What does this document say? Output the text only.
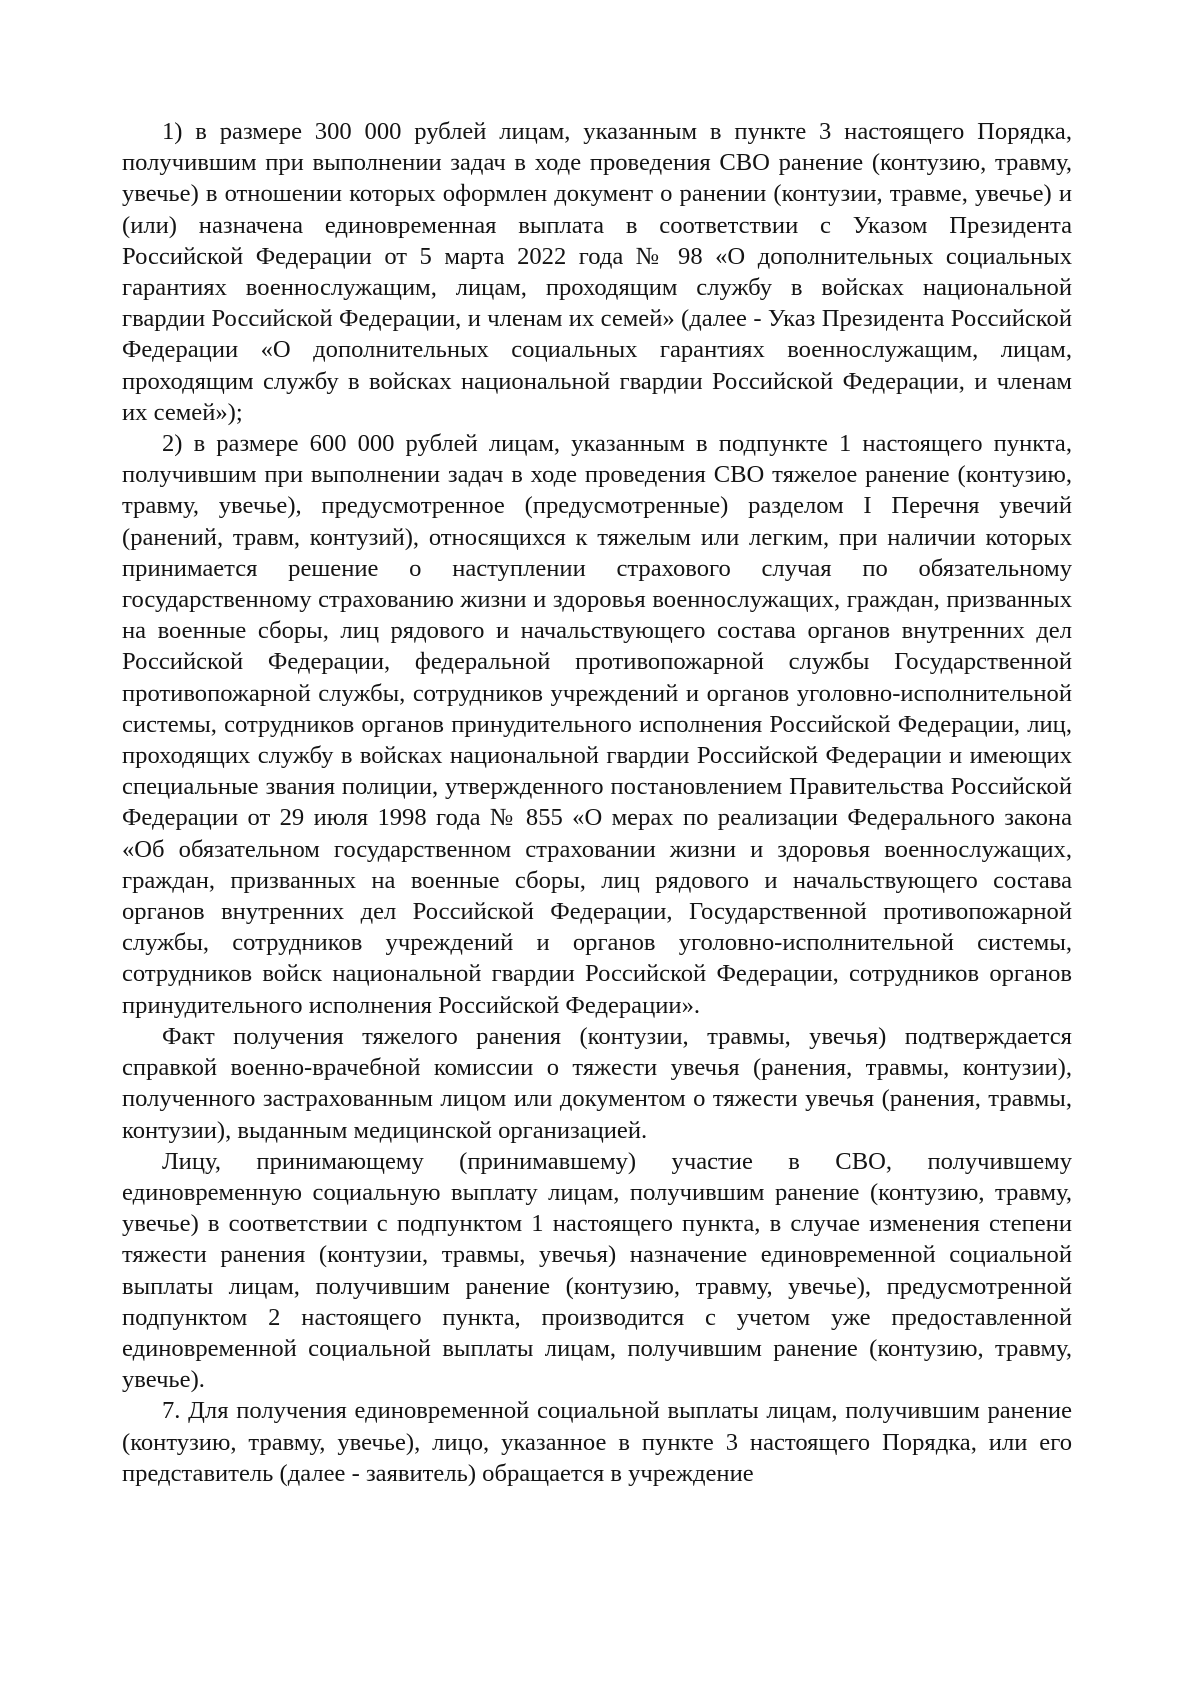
1) в размере 300 000 рублей лицам, указанным в пункте 3 настоящего Порядка, получившим при выполнении задач в ходе проведения СВО ранение (контузию, травму, увечье) в отношении которых оформлен документ о ранении (контузии, травме, увечье) и (или) назначена единовременная выплата в соответствии с Указом Президента Российской Федерации от 5 марта 2022 года № 98 «О дополнительных социальных гарантиях военнослужащим, лицам, проходящим службу в войсках национальной гвардии Российской Федерации, и членам их семей» (далее - Указ Президента Российской Федерации «О дополнительных социальных гарантиях военнослужащим, лицам, проходящим службу в войсках национальной гвардии Российской Федерации, и членам их семей»);

2) в размере 600 000 рублей лицам, указанным в подпункте 1 настоящего пункта, получившим при выполнении задач в ходе проведения СВО тяжелое ранение (контузию, травму, увечье), предусмотренное (предусмотренные) разделом I Перечня увечий (ранений, травм, контузий), относящихся к тяжелым или легким, при наличии которых принимается решение о наступлении страхового случая по обязательному государственному страхованию жизни и здоровья военнослужащих, граждан, призванных на военные сборы, лиц рядового и начальствующего состава органов внутренних дел Российской Федерации, федеральной противопожарной службы Государственной противопожарной службы, сотрудников учреждений и органов уголовно-исполнительной системы, сотрудников органов принудительного исполнения Российской Федерации, лиц, проходящих службу в войсках национальной гвардии Российской Федерации и имеющих специальные звания полиции, утвержденного постановлением Правительства Российской Федерации от 29 июля 1998 года № 855 «О мерах по реализации Федерального закона «Об обязательном государственном страховании жизни и здоровья военнослужащих, граждан, призванных на военные сборы, лиц рядового и начальствующего состава органов внутренних дел Российской Федерации, Государственной противопожарной службы, сотрудников учреждений и органов уголовно-исполнительной системы, сотрудников войск национальной гвардии Российской Федерации, сотрудников органов принудительного исполнения Российской Федерации».

Факт получения тяжелого ранения (контузии, травмы, увечья) подтверждается справкой военно-врачебной комиссии о тяжести увечья (ранения, травмы, контузии), полученного застрахованным лицом или документом о тяжести увечья (ранения, травмы, контузии), выданным медицинской организацией.

Лицу, принимающему (принимавшему) участие в СВО, получившему единовременную социальную выплату лицам, получившим ранение (контузию, травму, увечье) в соответствии с подпунктом 1 настоящего пункта, в случае изменения степени тяжести ранения (контузии, травмы, увечья) назначение единовременной социальной выплаты лицам, получившим ранение (контузию, травму, увечье), предусмотренной подпунктом 2 настоящего пункта, производится с учетом уже предоставленной единовременной социальной выплаты лицам, получившим ранение (контузию, травму, увечье).

7. Для получения единовременной социальной выплаты лицам, получившим ранение (контузию, травму, увечье), лицо, указанное в пункте 3 настоящего Порядка, или его представитель (далее - заявитель) обращается в учреждение
